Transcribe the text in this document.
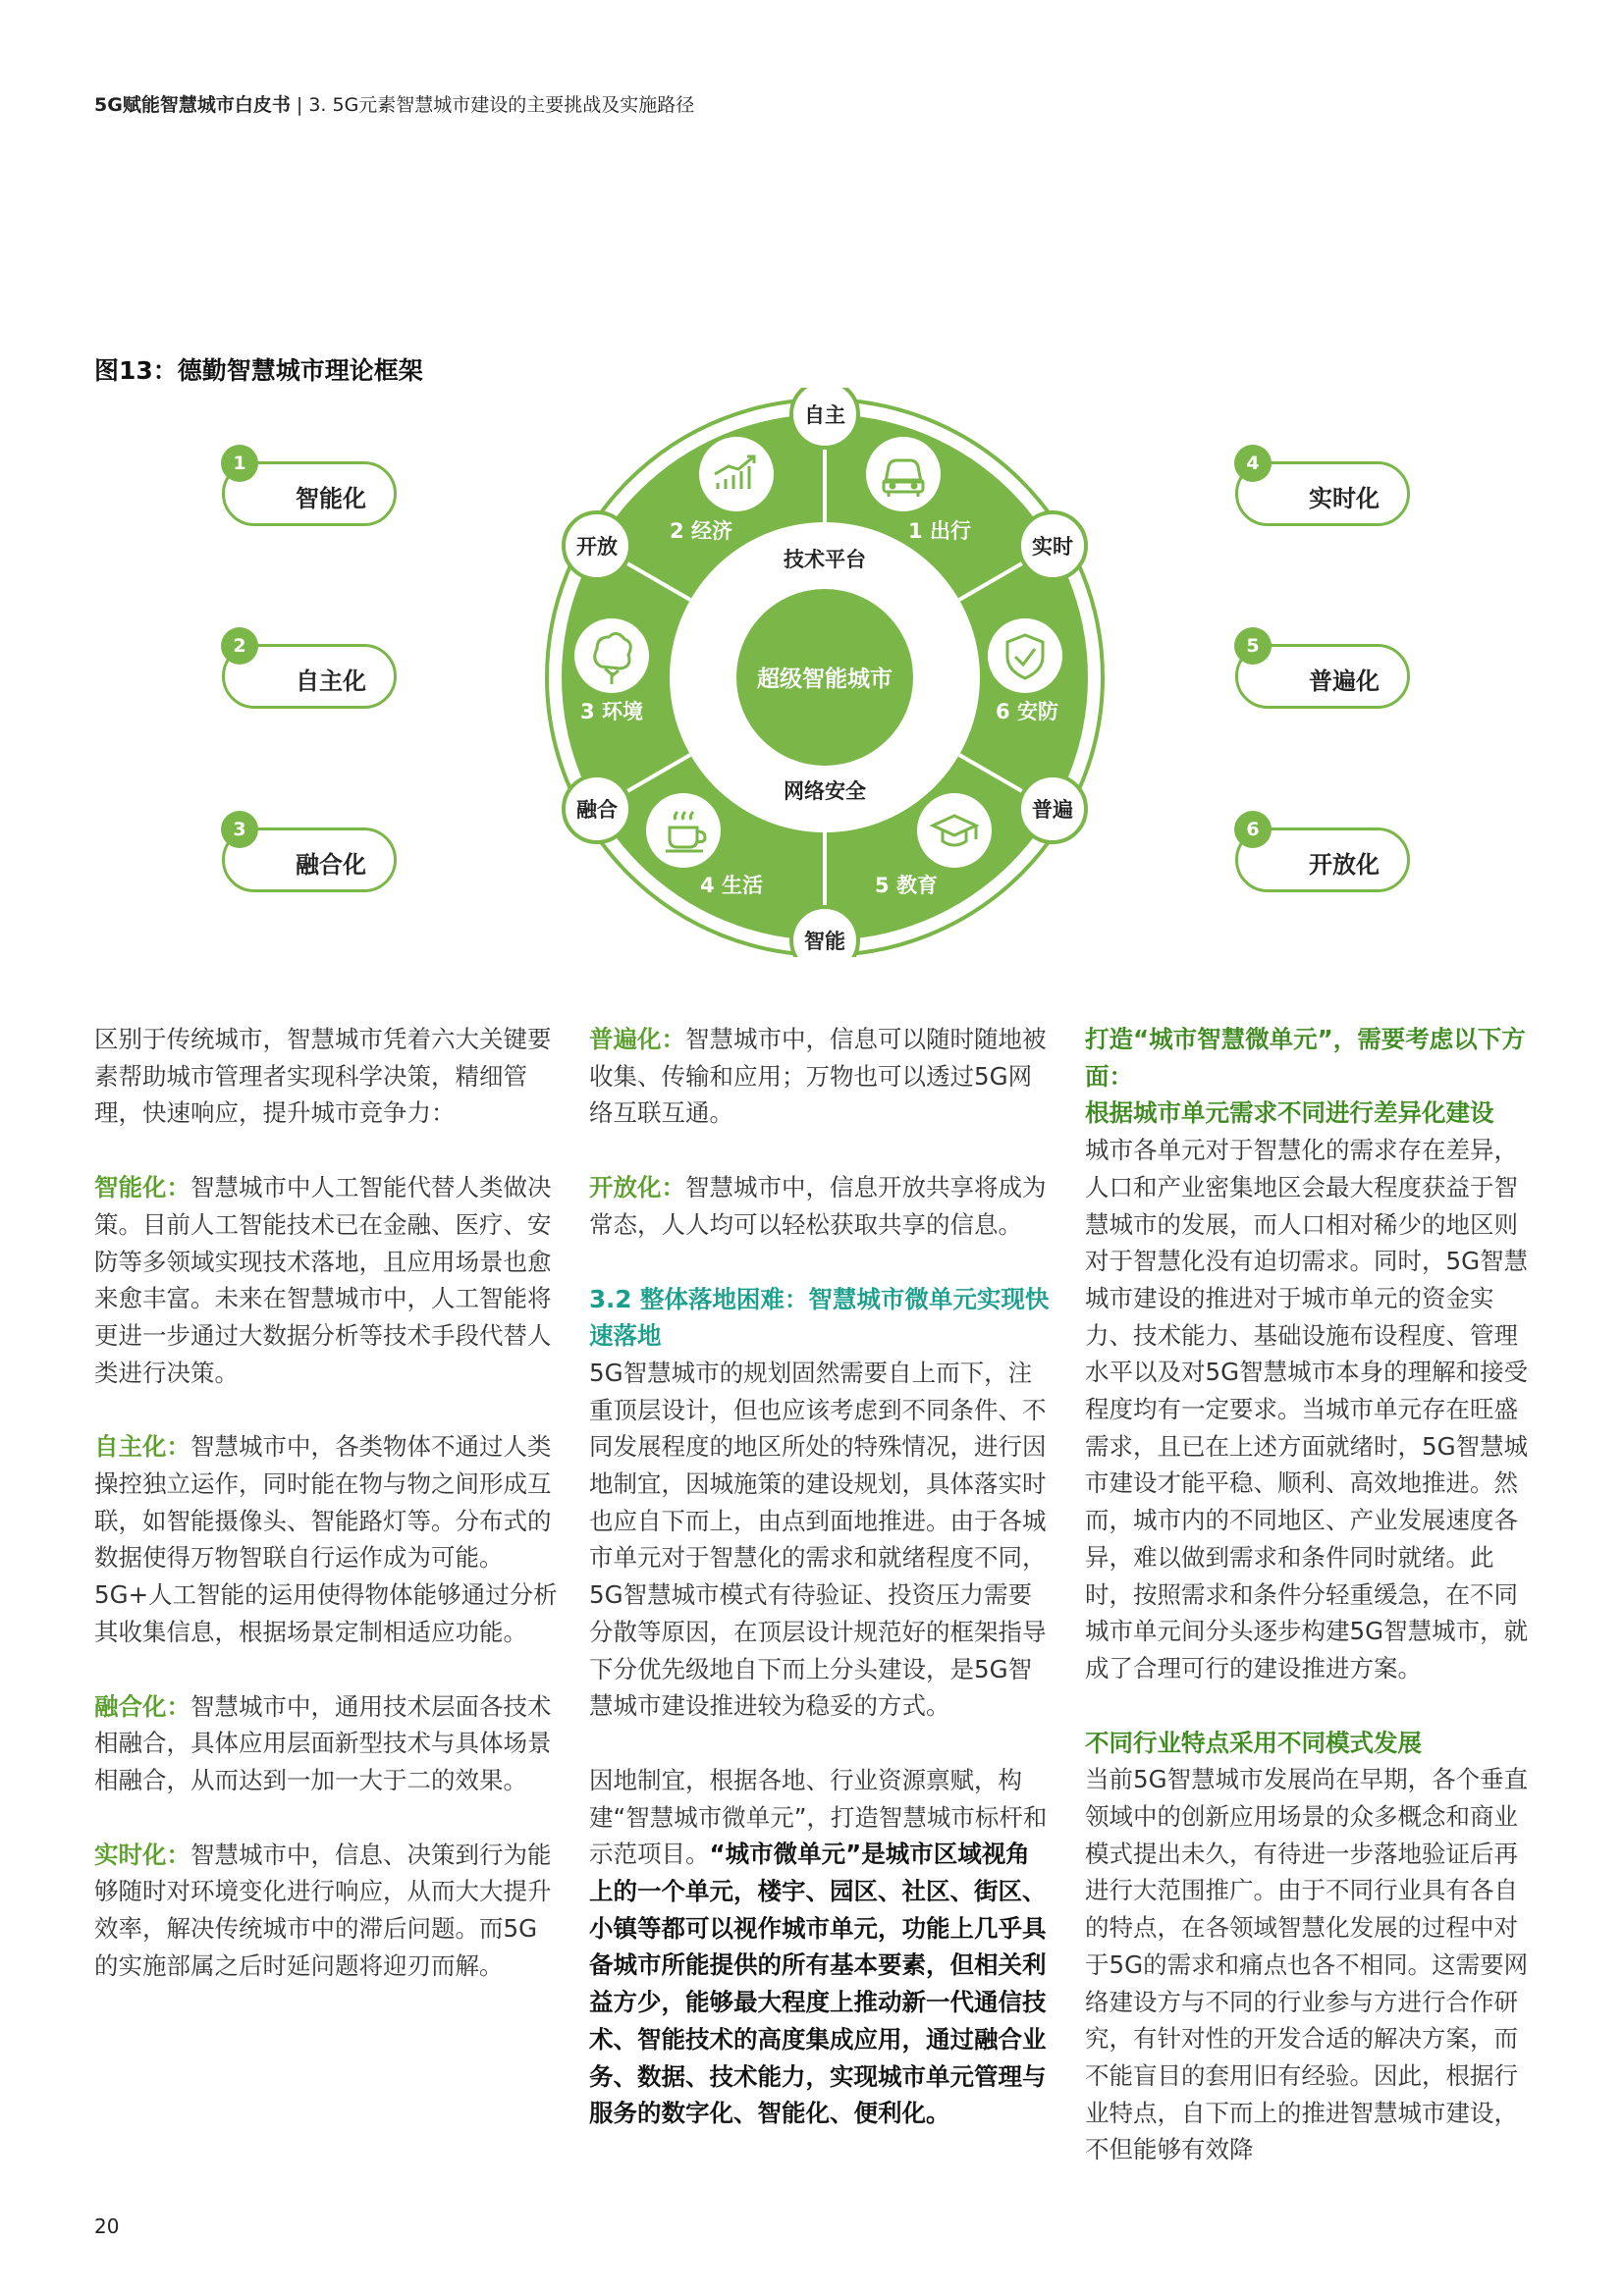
5G赋能智慧城市白皮书 | 3. 5G元素智慧城市建设的主要挑战及实施路径
图13：德勤智慧城市理论框架
1
智能化
2
自主化
3
融合化
4
实时化
5
普遍化
6
开放化
超级智能城市
技术平台
网络安全
1 出行
2 经济
3 环境
4 生活	5 教育
6 安防
自主
实时
普遍
智能
融合
开放

区别于传统城市，智慧城市凭着六大关键要素帮助城市管理者实现科学决策，精细管理，快速响应，提升城市竞争力：

智能化：智慧城市中人工智能代替人类做决策。目前人工智能技术已在金融、医疗、安防等多领域实现技术落地，且应用场景也愈来愈丰富。未来在智慧城市中，人工智能将更进一步通过大数据分析等技术手段代替人类进行决策。

自主化：智慧城市中，各类物体不通过人类操控独立运作，同时能在物与物之间形成互联，如智能摄像头、智能路灯等。分布式的数据使得万物智联自行运作成为可能。5G+人工智能的运用使得物体能够通过分析其收集信息，根据场景定制相适应功能。

融合化：智慧城市中，通用技术层面各技术相融合，具体应用层面新型技术与具体场景相融合，从而达到一加一大于二的效果。

实时化：智慧城市中，信息、决策到行为能够随时对环境变化进行响应，从而大大提升效率，解决传统城市中的滞后问题。而5G的实施部属之后时延问题将迎刃而解。

普遍化：智慧城市中，信息可以随时随地被收集、传输和应用；万物也可以透过5G网络互联互通。

开放化：智慧城市中，信息开放共享将成为常态，人人均可以轻松获取共享的信息。

3.2 整体落地困难：智慧城市微单元实现快速落地

5G智慧城市的规划固然需要自上而下，注重顶层设计，但也应该考虑到不同条件、不同发展程度的地区所处的特殊情况，进行因地制宜，因城施策的建设规划，具体落实时也应自下而上，由点到面地推进。由于各城市单元对于智慧化的需求和就绪程度不同，5G智慧城市模式有待验证、投资压力需要分散等原因，在顶层设计规范好的框架指导下分优先级地自下而上分头建设，是5G智慧城市建设推进较为稳妥的方式。

因地制宜，根据各地、行业资源禀赋，构建“智慧城市微单元”，打造智慧城市标杆和示范项目。“城市微单元”是城市区域视角上的一个单元，楼宇、园区、社区、街区、小镇等都可以视作城市单元，功能上几乎具备城市所能提供的所有基本要素，但相关利益方少，能够最大程度上推动新一代通信技术、智能技术的高度集成应用，通过融合业务、数据、技术能力，实现城市单元管理与服务的数字化、智能化、便利化。

打造“城市智慧微单元”，需要考虑以下方面：
根据城市单元需求不同进行差异化建设

城市各单元对于智慧化的需求存在差异，人口和产业密集地区会最大程度获益于智慧城市的发展，而人口相对稀少的地区则对于智慧化没有迫切需求。同时，5G智慧城市建设的推进对于城市单元的资金实力、技术能力、基础设施布设程度、管理水平以及对5G智慧城市本身的理解和接受程度均有一定要求。当城市单元存在旺盛需求，且已在上述方面就绪时，5G智慧城市建设才能平稳、顺利、高效地推进。然而，城市内的不同地区、产业发展速度各异，难以做到需求和条件同时就绪。此时，按照需求和条件分轻重缓急，在不同城市单元间分头逐步构建5G智慧城市，就成了合理可行的建设推进方案。

不同行业特点采用不同模式发展

当前5G智慧城市发展尚在早期，各个垂直领域中的创新应用场景的众多概念和商业模式提出未久，有待进一步落地验证后再进行大范围推广。由于不同行业具有各自的特点，在各领域智慧化发展的过程中对于5G的需求和痛点也各不相同。这需要网络建设方与不同的行业参与方进行合作研究，有针对性的开发合适的解决方案，而不能盲目的套用旧有经验。因此，根据行业特点，自下而上的推进智慧城市建设，不但能够有效降

20
